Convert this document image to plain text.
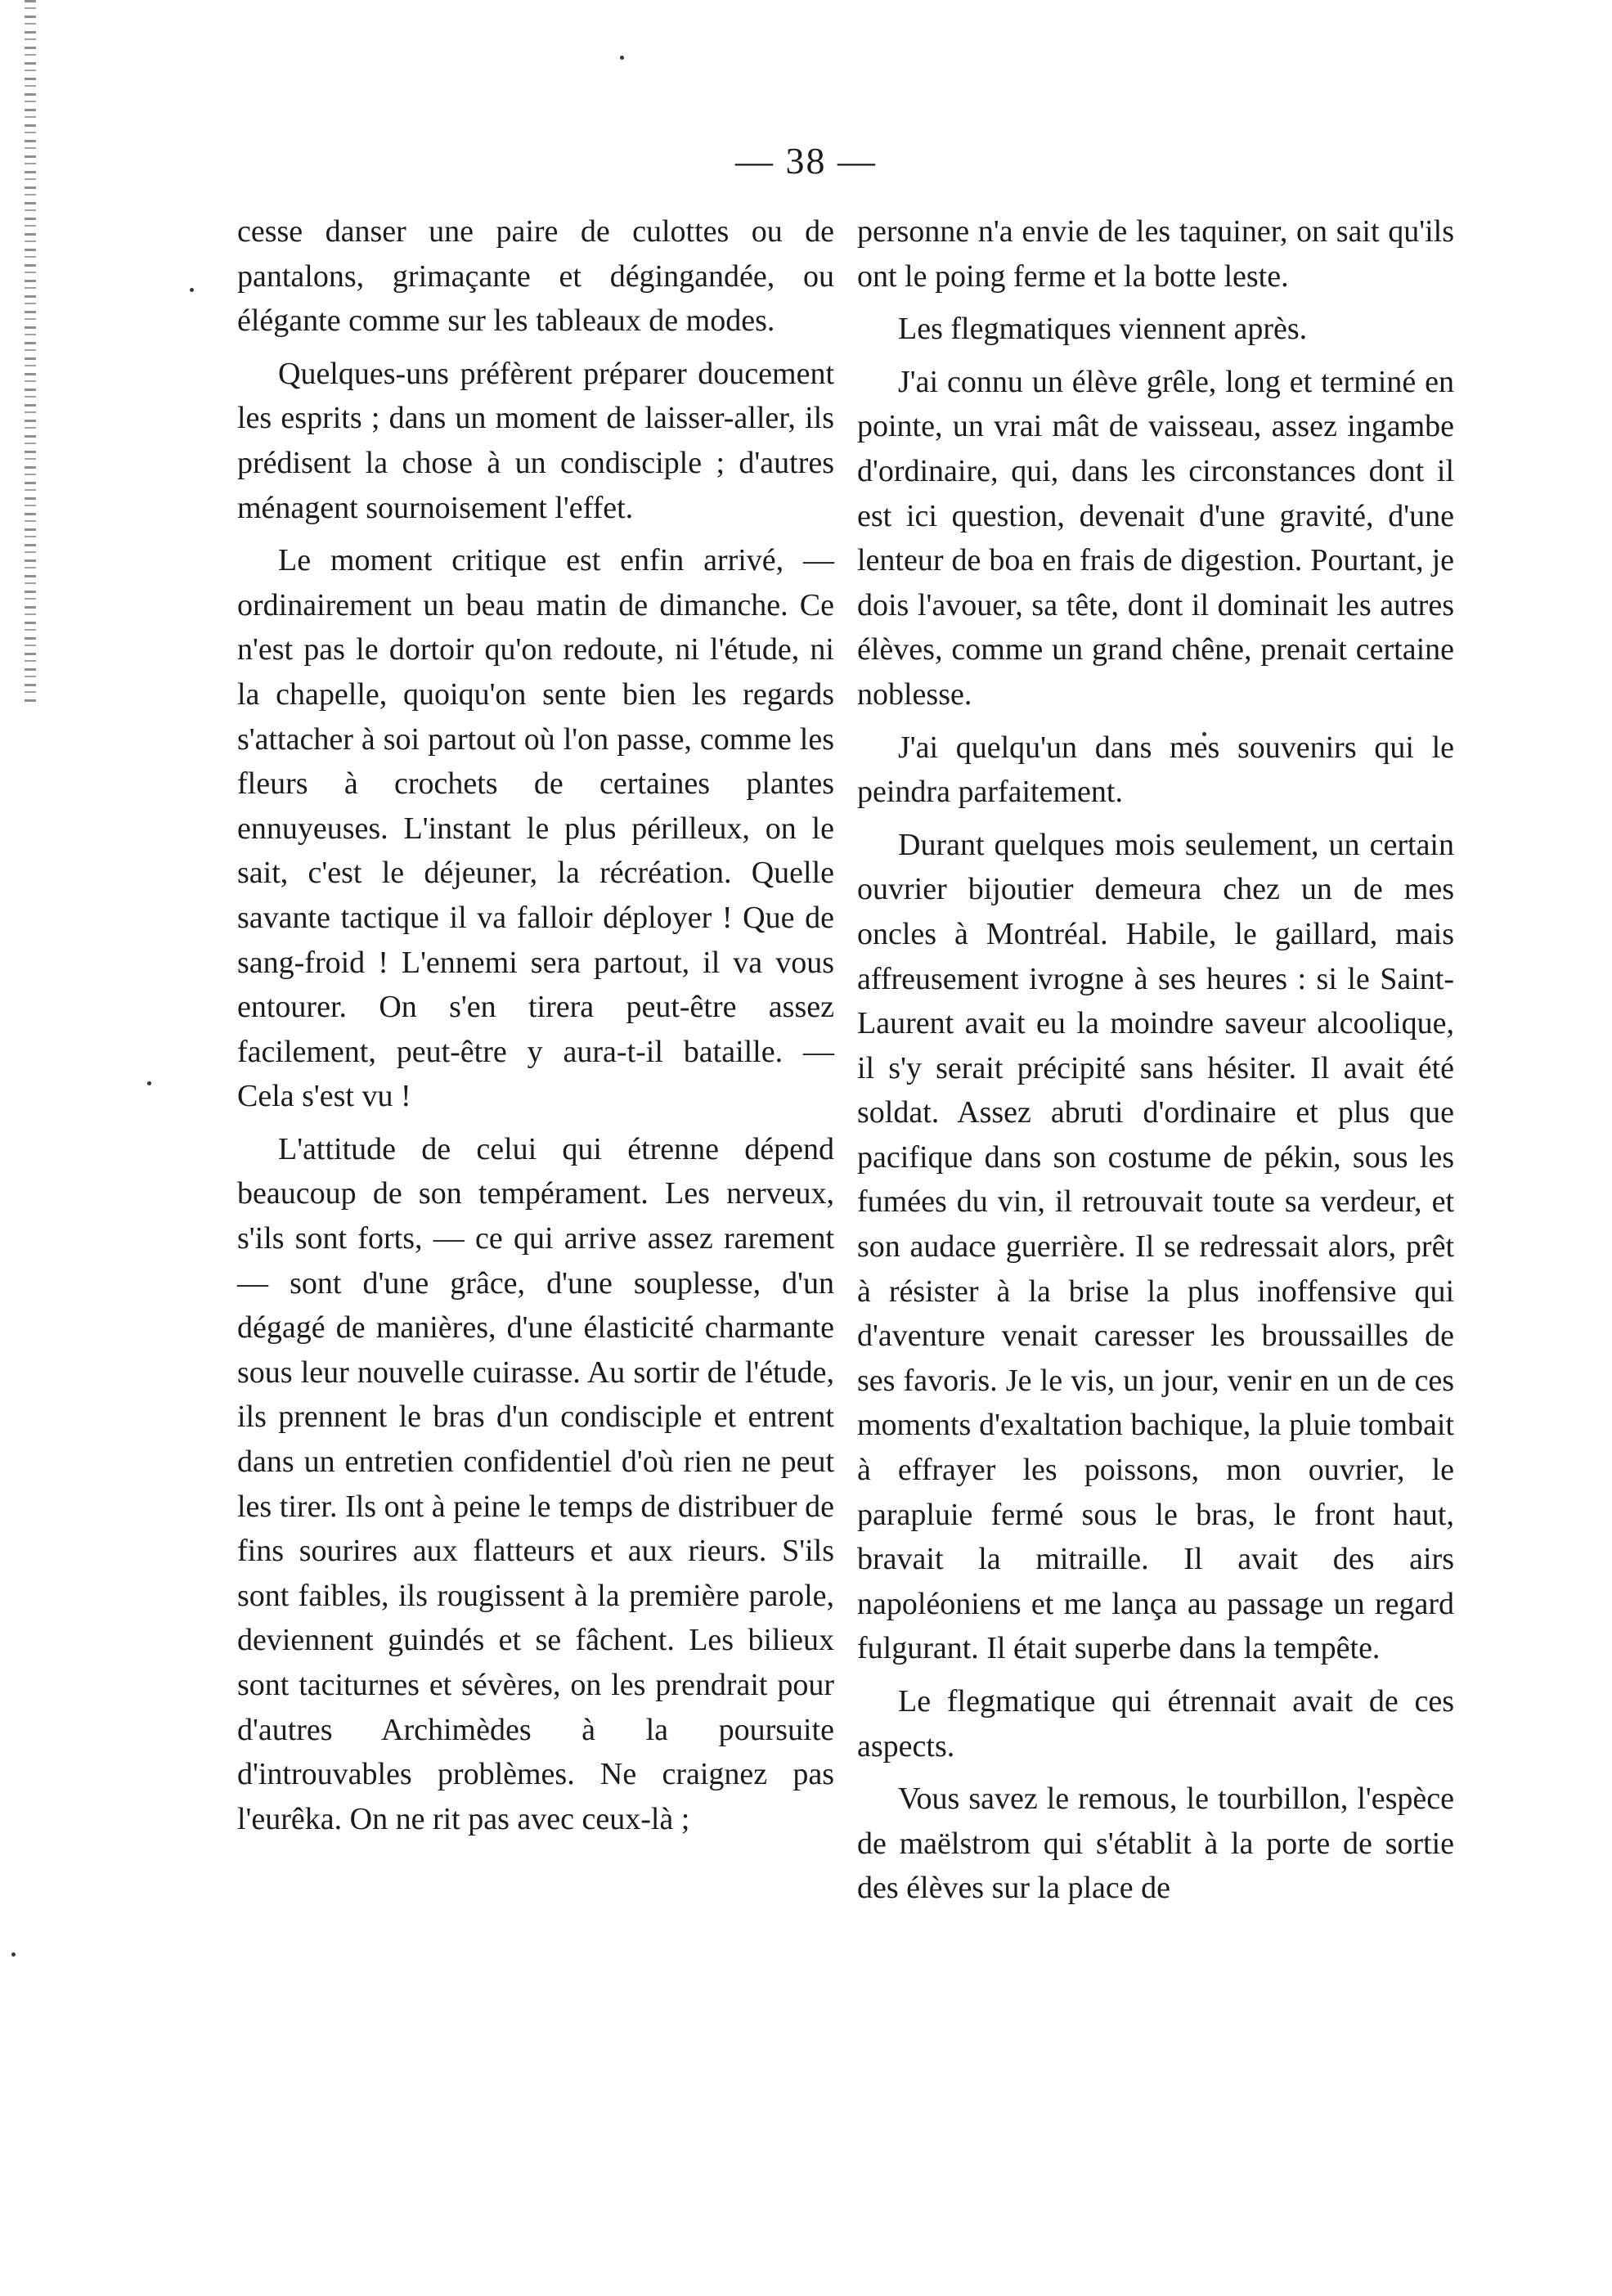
— 38 —

cesse danser une paire de culottes ou de pantalons, grimaçante et dégingandée, ou élégante comme sur les tableaux de modes.

Quelques-uns préfèrent préparer doucement les esprits ; dans un moment de laisser-aller, ils prédisent la chose à un condisciple ; d'autres ménagent sournoisement l'effet.

Le moment critique est enfin arrivé, — ordinairement un beau matin de dimanche. Ce n'est pas le dortoir qu'on redoute, ni l'étude, ni la chapelle, quoiqu'on sente bien les regards s'attacher à soi partout où l'on passe, comme les fleurs à crochets de certaines plantes ennuyeuses. L'instant le plus périlleux, on le sait, c'est le déjeuner, la récréation. Quelle savante tactique il va falloir déployer ! Que de sang-froid ! L'ennemi sera partout, il va vous entourer. On s'en tirera peut-être assez facilement, peut-être y aura-t-il bataille. — Cela s'est vu !

L'attitude de celui qui étrenne dépend beaucoup de son tempérament. Les nerveux, s'ils sont forts, — ce qui arrive assez rarement — sont d'une grâce, d'une souplesse, d'un dégagé de manières, d'une élasticité charmante sous leur nouvelle cuirasse. Au sortir de l'étude, ils prennent le bras d'un condisciple et entrent dans un entretien confidentiel d'où rien ne peut les tirer. Ils ont à peine le temps de distribuer de fins sourires aux flatteurs et aux rieurs. S'ils sont faibles, ils rougissent à la première parole, deviennent guindés et se fâchent. Les bilieux sont taciturnes et sévères, on les prendrait pour d'autres Archimèdes à la poursuite d'introuvables problèmes. Ne craignez pas l'eurêka. On ne rit pas avec ceux-là ;

personne n'a envie de les taquiner, on sait qu'ils ont le poing ferme et la botte leste.

Les flegmatiques viennent après.

J'ai connu un élève grêle, long et terminé en pointe, un vrai mât de vaisseau, assez ingambe d'ordinaire, qui, dans les circonstances dont il est ici question, devenait d'une gravité, d'une lenteur de boa en frais de digestion. Pourtant, je dois l'avouer, sa tête, dont il dominait les autres élèves, comme un grand chêne, prenait certaine noblesse.

J'ai quelqu'un dans mes souvenirs qui le peindra parfaitement.

Durant quelques mois seulement, un certain ouvrier bijoutier demeura chez un de mes oncles à Montréal. Habile, le gaillard, mais affreusement ivrogne à ses heures : si le Saint-Laurent avait eu la moindre saveur alcoolique, il s'y serait précipité sans hésiter. Il avait été soldat. Assez abruti d'ordinaire et plus que pacifique dans son costume de pékin, sous les fumées du vin, il retrouvait toute sa verdeur, et son audace guerrière. Il se redressait alors, prêt à résister à la brise la plus inoffensive qui d'aventure venait caresser les broussailles de ses favoris. Je le vis, un jour, venir en un de ces moments d'exaltation bachique, la pluie tombait à effrayer les poissons, mon ouvrier, le parapluie fermé sous le bras, le front haut, bravait la mitraille. Il avait des airs napoléoniens et me lança au passage un regard fulgurant. Il était superbe dans la tempête.

Le flegmatique qui étrennait avait de ces aspects.

Vous savez le remous, le tourbillon, l'espèce de maëlstrom qui s'établit à la porte de sortie des élèves sur la place de
